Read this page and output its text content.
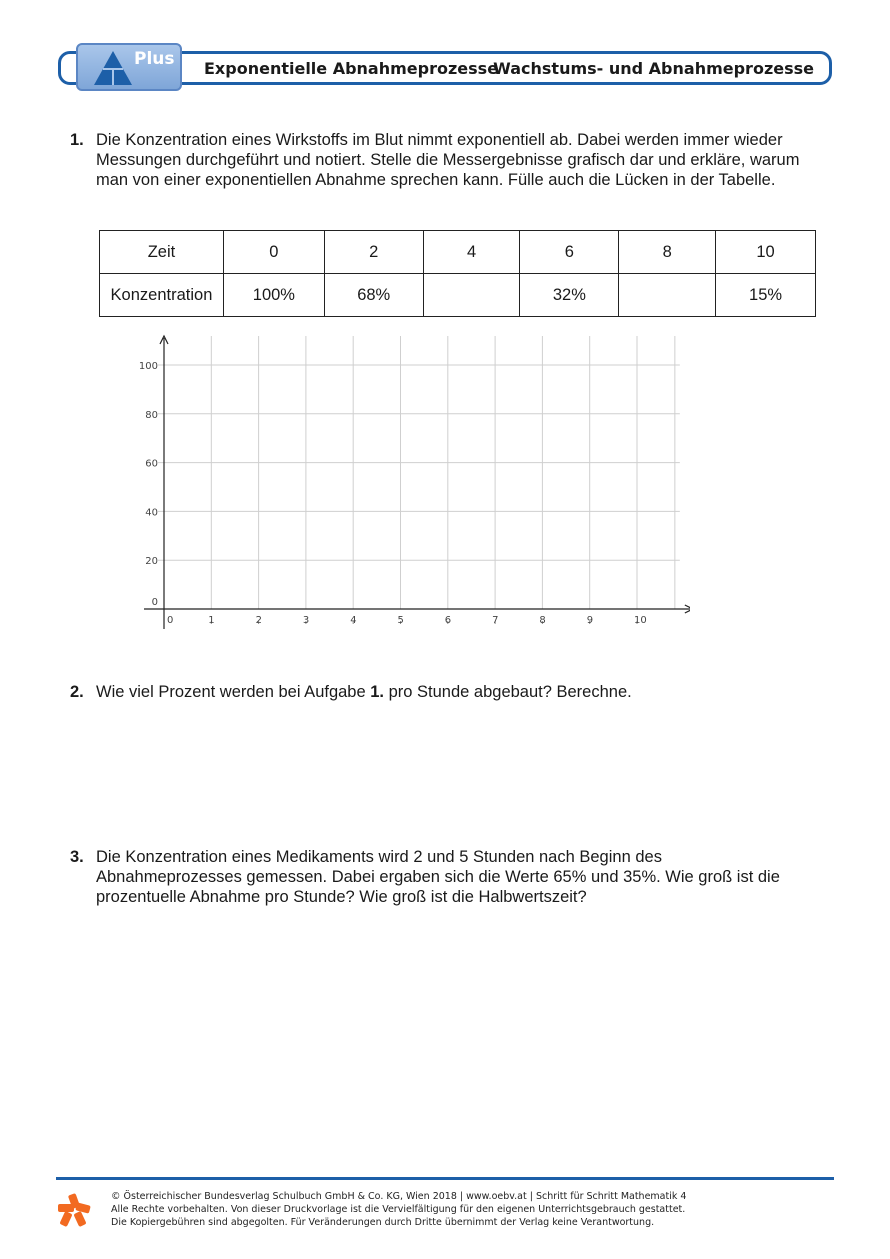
Plus Exponentielle Abnahmeprozesse
Wachstums- und Abnahmeprozesse
1. Die Konzentration eines Wirkstoffs im Blut nimmt exponentiell ab. Dabei werden immer wieder Messungen durchgeführt und notiert. Stelle die Messergebnisse grafisch dar und erkläre, warum man von einer exponentiellen Abnahme sprechen kann. Fülle auch die Lücken in der Tabelle.
Zeit	0	2	4	6	8	10
Konzentration	100%	68%		32%		15%
0	1	2	3	4	5	6	7	8	9	10
0
20
40
60
80
100
2. Wie viel Prozent werden bei Aufgabe 1. pro Stunde abgebaut? Berechne.
3. Die Konzentration eines Medikaments wird 2 und 5 Stunden nach Beginn des Abnahmeprozesses gemessen. Dabei ergaben sich die Werte 65% und 35%. Wie groß ist die prozentuelle Abnahme pro Stunde? Wie groß ist die Halbwertszeit?
© Österreichischer Bundesverlag Schulbuch GmbH & Co. KG, Wien 2018 | www.oebv.at | Schritt für Schritt Mathematik 4
Alle Rechte vorbehalten. Von dieser Druckvorlage ist die Vervielfältigung für den eigenen Unterrichtsgebrauch gestattet.
Die Kopiergebühren sind abgegolten. Für Veränderungen durch Dritte übernimmt der Verlag keine Verantwortung.
